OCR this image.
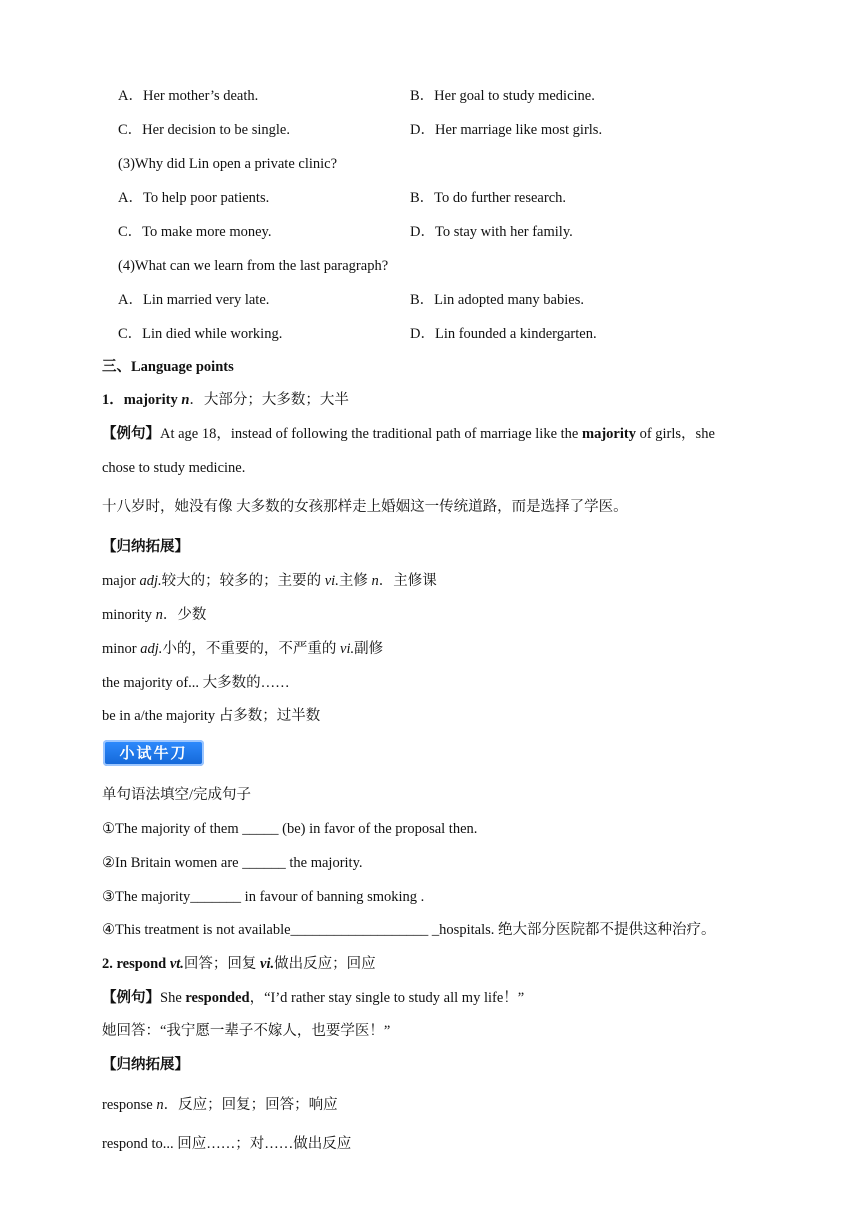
A．Her mother’s death.	B．Her goal to study medicine.
C．Her decision to be single.	D．Her marriage like most girls.
(3)Why did Lin open a private clinic?
A．To help poor patients.	B．To do further research.
C．To make more money.	D．To stay with her family.
(4)What can we learn from the last paragraph?
A．Lin married very late.	B．Lin adopted many babies.
C．Lin died while working.	D．Lin founded a kindergarten.
三、Language points
1．majority n．大部分；大多数；大半
【例句】At age 18，instead of following the traditional path of marriage like the majority of girls，she
chose to study medicine.
十八岁时，她没有像 大多数的女孩那样走上婚姻这一传统道路，而是选择了学医。
【归纳拓展】
major adj.较大的；较多的；主要的 vi.主修 n．主修课
minority n．少数
minor adj.小的，不重要的，不严重的 vi.副修
the majority of... 大多数的……
be in a/the majority 占多数；过半数
小试牛刀
单句语法填空/完成句子
①The majority of them _____ (be) in favor of the proposal then.
②In Britain women are ______ the majority.
③The majority_______ in favour of banning smoking .
④This treatment is not available___________________ _hospitals. 绝大部分医院都不提供这种治疗。
2. respond vt.回答；回复 vi.做出反应；回应
【例句】She responded，“I’d rather stay single to study all my life！”
她回答：“我宁愿一辈子不嫁人，也要学医！”
【归纳拓展】
response n．反应；回复；回答；响应
respond to... 回应……；对……做出反应
